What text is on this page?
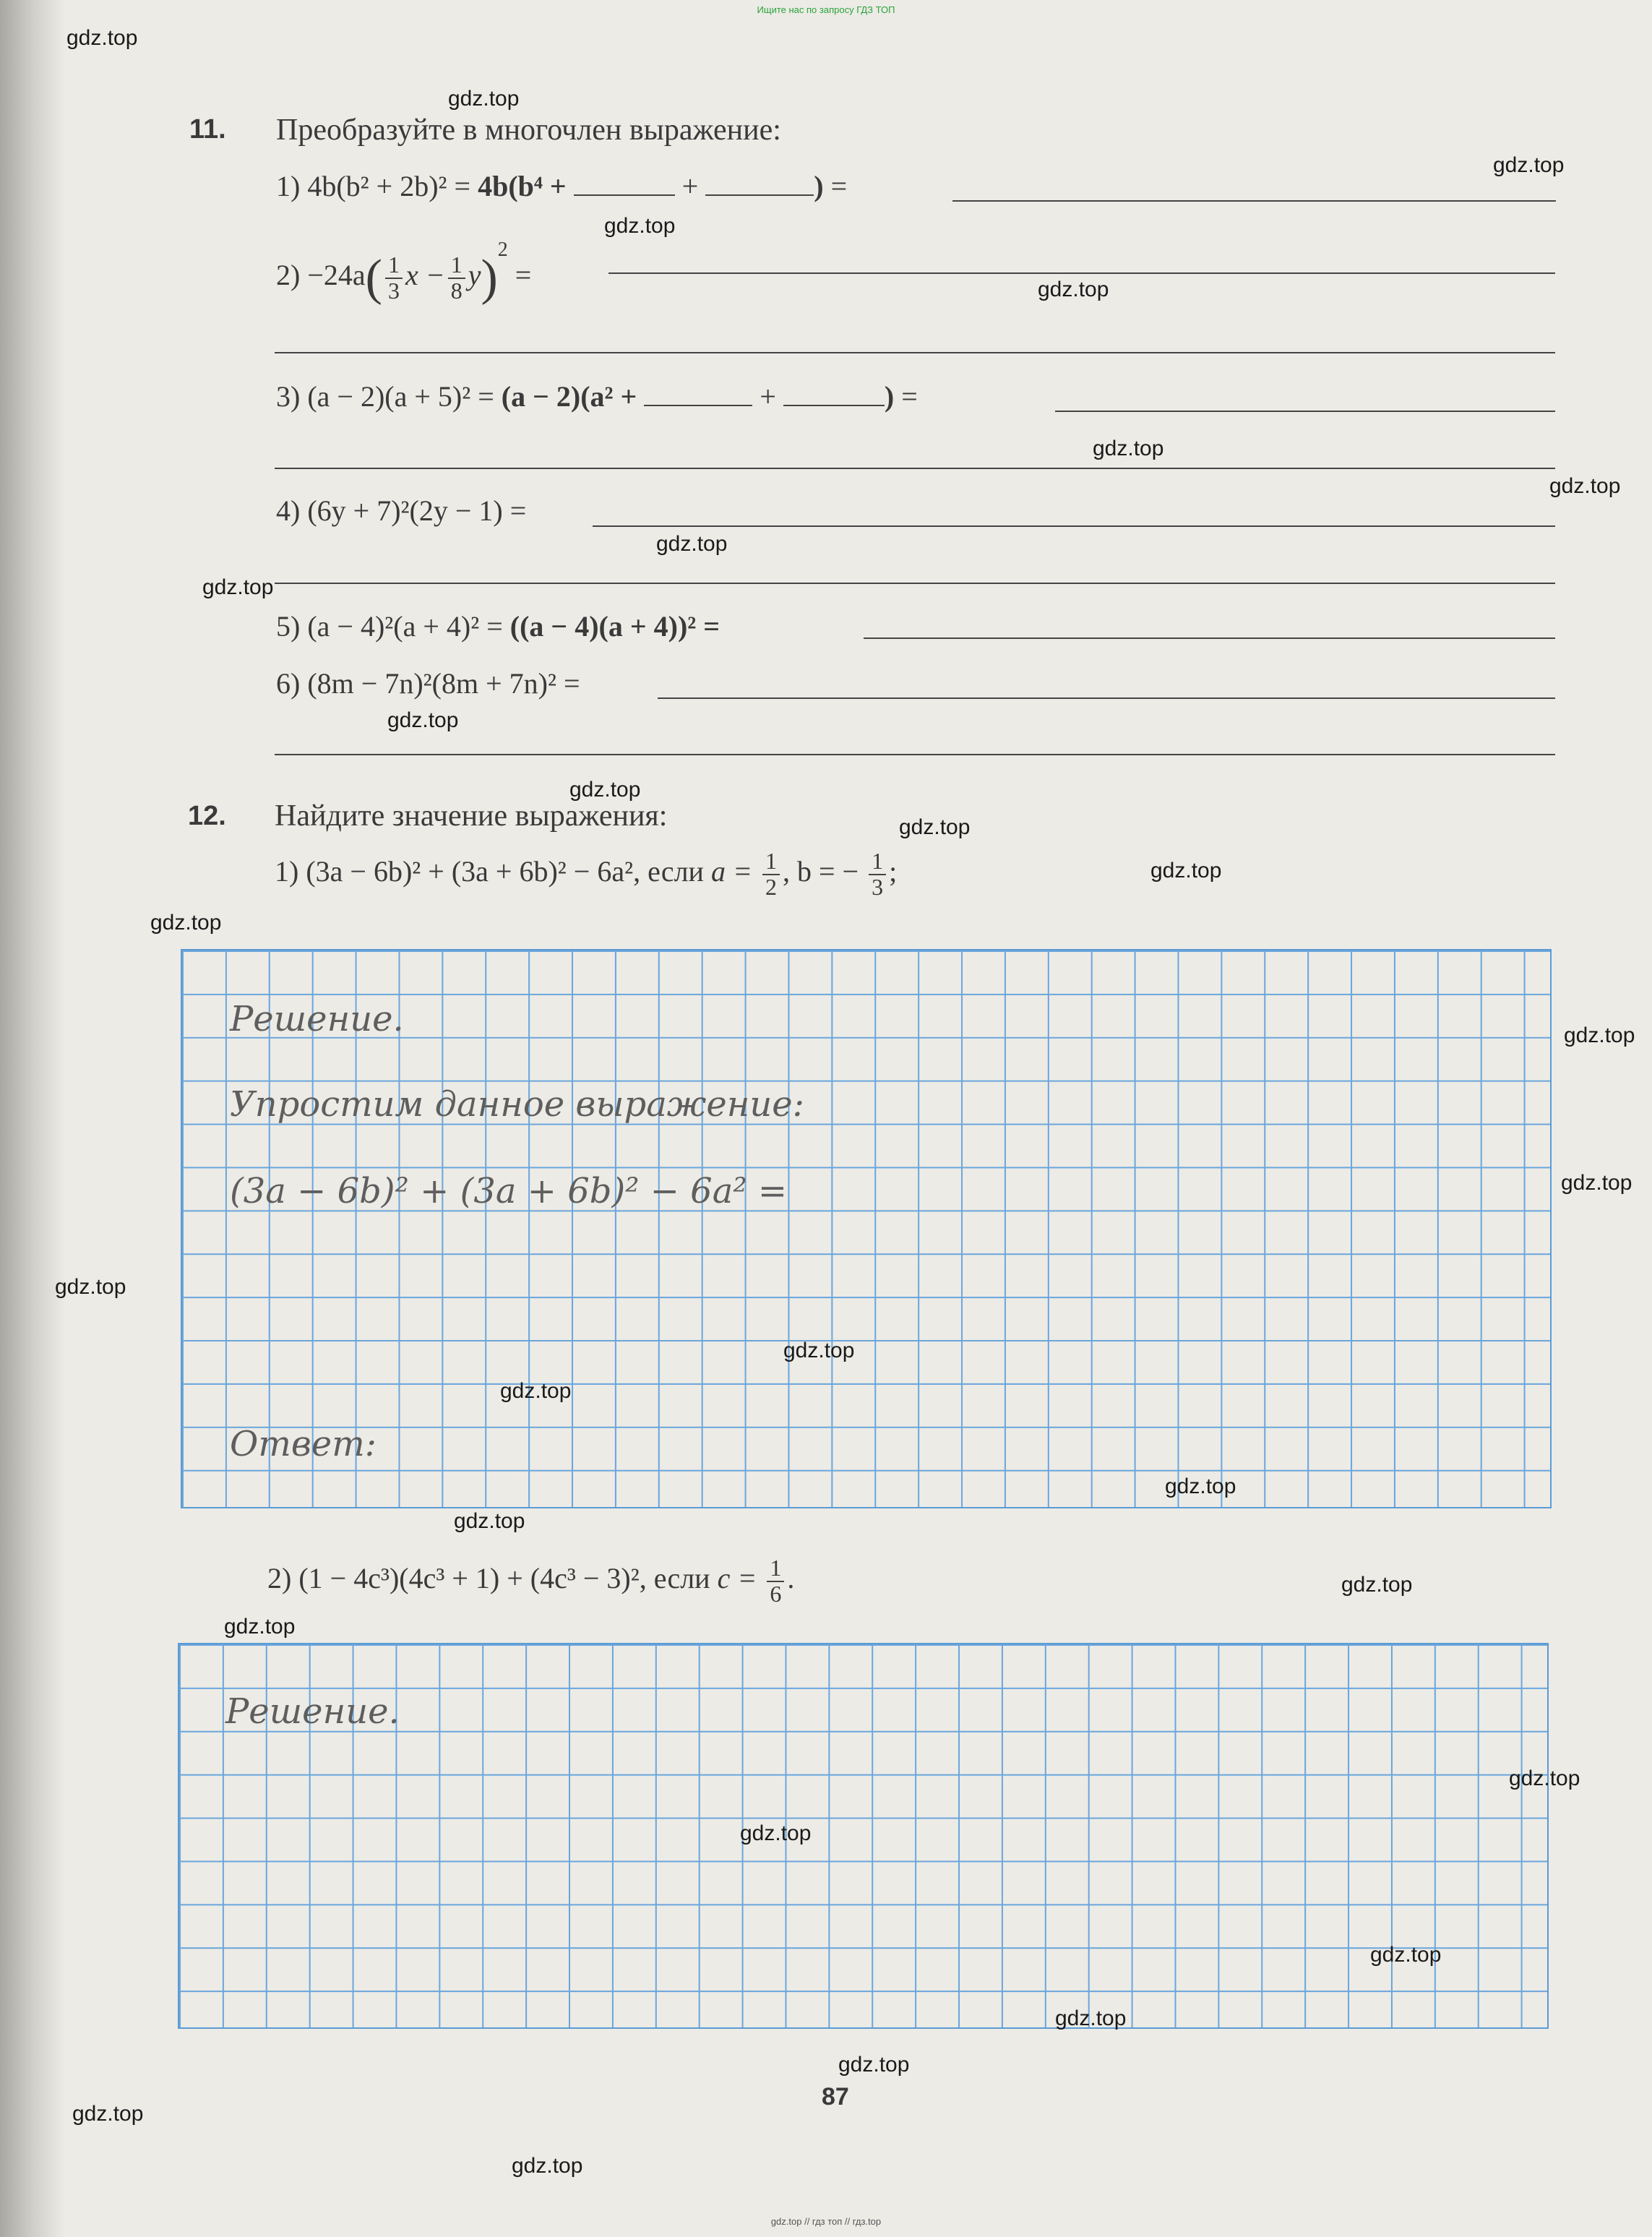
Ищите нас по запросу ГДЗ ТОП
11. Преобразуйте в многочлен выражение:
1) 4b(b² + 2b)² = 4b(b⁴ +	+	) =
$2) -24a( \frac{1}{3}$ $x - \frac{1}{8} y)^2$ =
3) (a − 2)(a + 5)² = (a − 2)(a² +	+	) =
4) (6y + 7)²(2y − 1) =
5) (a − 4)²(a + 4)² = ((a − 4)(a + 4))² =
6) (8m − 7n)²(8m + 7n)² =
12. Найдите значение выражения:
1) (3a − 6b)² + (3a + 6b)² − 6a², если $a = \frac{1}{2}$ , b = − $\frac{1}{3}$ ;
Решение.
Упростим данное выражение:
(3a − 6b)² + (3a + 6b)² − 6a² =
Ответ:
2) (1 − 4c³)(4c³ + 1) + (4c³ − 3)², если $c = \frac{1}{6}$ .
Решение.
87
gdz.top
gdz.top
gdz.top
gdz.top
gdz.top
gdz.top
gdz.top
gdz.top
gdz.top
gdz.top
gdz.top
gdz.top
gdz.top
gdz.top
gdz.top
gdz.top
gdz.top
gdz.top
gdz.top
gdz.top
gdz.top
gdz.top
gdz.top
gdz.top
gdz.top
gdz.top
gdz.top
gdz.top
gdz.top
gdz.top
gdz.top // гдз топ // гдз.top
